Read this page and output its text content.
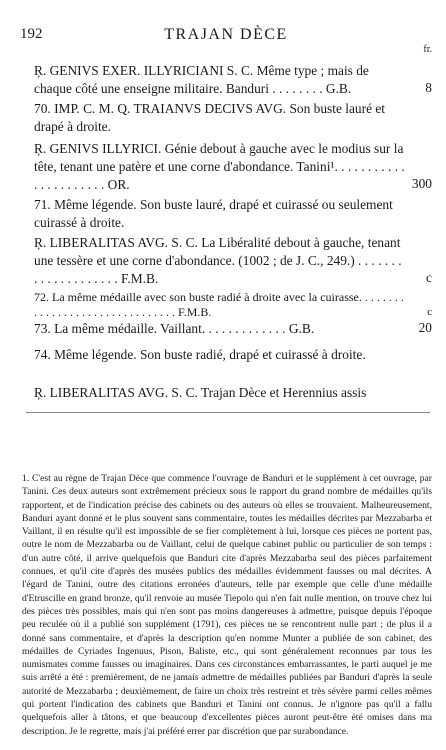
192	TRAJAN DÈCE
fr.
Ŗ. GENIVS EXER. ILLYRICIANI S. C. Même type ; mais de chaque côté une enseigne militaire. Banduri . . . . . . . . G.B.	8
70. IMP. C. M. Q. TRAIANVS DECIVS AVG. Son buste lauré et drapé à droite.
Ŗ. GENIVS ILLYRICI. Génie debout à gauche avec le modius sur la tête, tenant une patère et une corne d'abondance. Tanini¹. . . . . . . . . . . . . . . . . . . . . . OR.	300
71. Même légende. Son buste lauré, drapé et cuirassé ou seulement cuirassé à droite.
Ŗ. LIBERALITAS AVG. S. C. La Libéralité debout à gauche, tenant une tessère et une corne d'abondance. (1002 ; de J. C., 249.) . . . . . . . . . . . . . . . . . . . . F.M.B.	c
72. La même médaille avec son buste radié à droite avec la cuirasse. . . . . . . . . . . . . . . . . . . . . . . . . . . . . . . . F.M.B.	c
73. La même médaille. Vaillant. . . . . . . . . . . . . G.B.	20
74. Même légende. Son buste radié, drapé et cuirassé à droite.
Ŗ. LIBERALITAS AVG. S. C. Trajan Dèce et Herennius assis
1. C'est au règne de Trajan Dèce que commence l'ouvrage de Banduri et le supplément à cet ouvrage, par Tanini. Ces deux auteurs sont extrêmement précieux sous le rapport du grand nombre de médailles qu'ils rapportent, et de l'indication précise des cabinets ou des auteurs où elles se trouvaient. Malheureusement, Banduri ayant donné et le plus souvent sans commentaire, toutes les médailles décrites par Mezzabarba et Vaillant, il en résulte qu'il est impossible de se fier complètement à lui, lorsque ces pièces ne portent pas, outre le nom de Mezzabarba ou de Vaillant, celui de quelque cabinet public ou particulier de son temps : d'un autre côté, il arrive quelquefois que Banduri cite d'après Mezzabarba seul des pièces parfaitement connues, et qu'il cite d'après des musées publics des médailles évidemment fausses ou mal décrites. A l'égard de Tanini, outre des citations erronées d'auteurs, telle par exemple que celle d'une médaille d'Etruscille en grand bronze, qu'il renvoie au musée Tiepolo qui n'en fait nulle mention, on trouve chez lui des pièces très possibles, mais qui n'en sont pas moins dangereuses à admettre, puisque depuis l'époque peu reculée où il a publié son supplément (1791), ces pièces ne se rencontrent nulle part ; de plus il a donné sans commentaire, et d'après la description qu'en nomme Munter a publiée de son cabinet, des médailles de Cyriades Ingenuus, Pison, Baliste, etc., qui sont généralement reconnues par tous les numismates comme fausses ou imaginaires. Dans ces circonstances embarrassantes, le parti auquel je me suis arrêté a été : premièrement, de ne jamais admettre de médailles publiées par Banduri d'après la seule autorité de Mezzabarba ; deuxièmement, de faire un choix très restreint et très sévère parmi celles mêmes qui portent l'indication des cabinets que Banduri et Tanini ont connus. Je n'ignore pas qu'il a fallu quelquefois aller à tâtons, et que beaucoup d'excellentes pièces auront peut-être été omises dans ma description. Je le regrette, mais j'ai préféré errer par discrétion que par surabondance.
